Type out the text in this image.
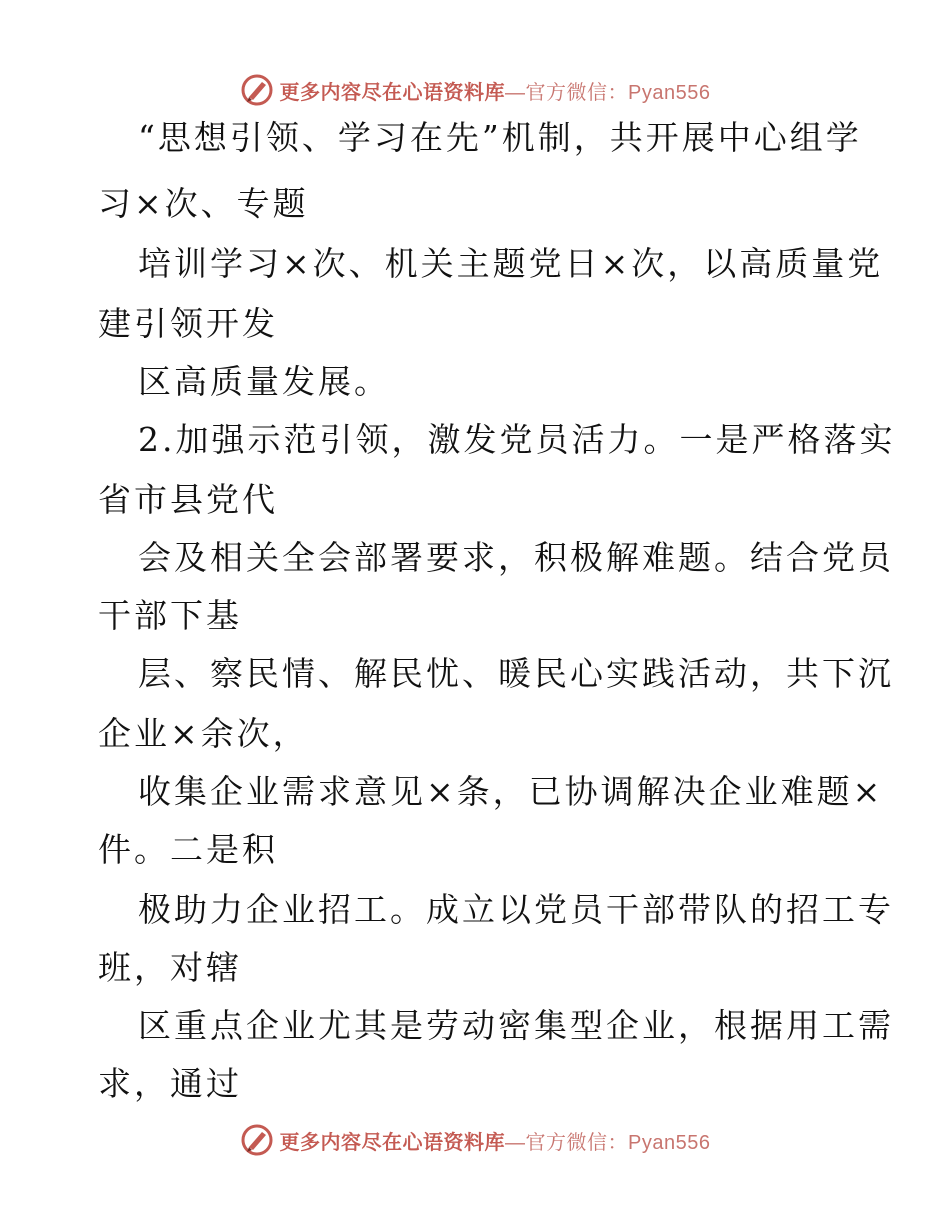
更多内容尽在心语资料库—官方微信：Pyan556
“思想引领、学习在先”机制，共开展中心组学
习×次、专题
培训学习×次、机关主题党日×次，以高质量党
建引领开发
区高质量发展。
2.加强示范引领，激发党员活力。一是严格落实
省市县党代
会及相关全会部署要求，积极解难题。结合党员
干部下基
层、察民情、解民忧、暖民心实践活动，共下沉
企业×余次，
收集企业需求意见×条，已协调解决企业难题×
件。二是积
极助力企业招工。成立以党员干部带队的招工专
班，对辖
区重点企业尤其是劳动密集型企业，根据用工需
求，通过
更多内容尽在心语资料库—官方微信：Pyan556
